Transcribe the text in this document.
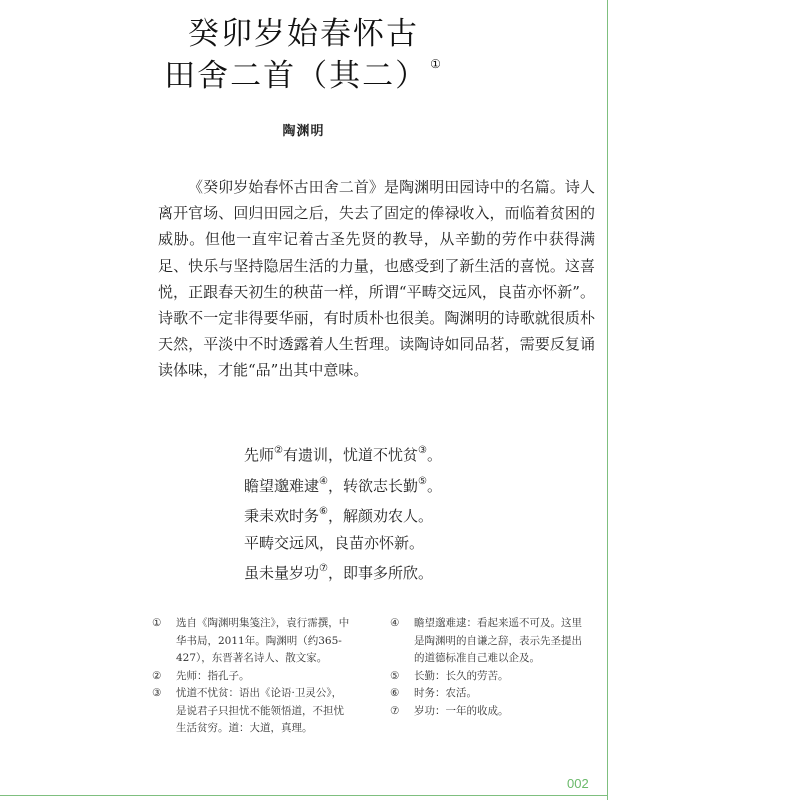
癸卯岁始春怀古
田舍二首（其二） ①
陶渊明
《癸卯岁始春怀古田舍二首》是陶渊明田园诗中的名篇。诗人离开官场、回归田园之后，失去了固定的俸禄收入，而临着贫困的威胁。但他一直牢记着古圣先贤的教导，从辛勤的劳作中获得满足、快乐与坚持隐居生活的力量，也感受到了新生活的喜悦。这喜悦，正跟春天初生的秧苗一样，所谓“平畴交远风，良苗亦怀新”。诗歌不一定非得要华丽，有时质朴也很美。陶渊明的诗歌就很质朴天然，平淡中不时透露着人生哲理。读陶诗如同品茗，需要反复诵读体味，才能“品”出其中意味。
先师②有遗训，忧道不忧贫③。
瞻望邈难逮④，转欲志长勤⑤。
秉耒欢时务⑥，解颜劝农人。
平畴交远风，良苗亦怀新。
虽未量岁功⑦，即事多所欣。
①	选自《陶渊明集笺注》，袁行霈撰，中华书局，2011年。陶渊明（约365-427），东晋著名诗人、散文家。
②	先师：指孔子。
③	忧道不忧贫：语出《论语·卫灵公》，是说君子只担忧不能领悟道，不担忧生活贫穷。道：大道，真理。
④	瞻望邈难逮：看起来遥不可及。这里是陶渊明的自谦之辞，表示先圣提出的道德标准自己难以企及。
⑤	长勤：长久的劳苦。
⑥	时务：农活。
⑦	岁功：一年的收成。
002
